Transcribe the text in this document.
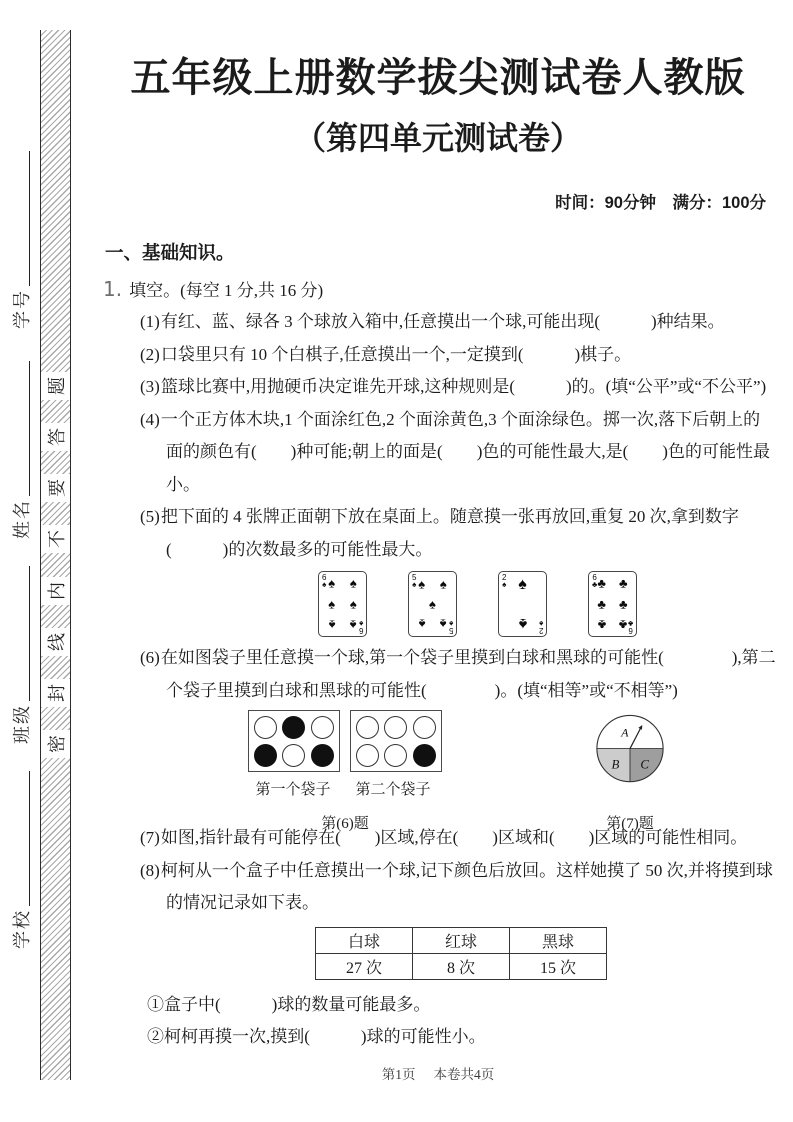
题
答
要
不
内
线
封
密
学号
姓名
班级
学校
五年级上册数学拔尖测试卷人教版
（第四单元测试卷）
时间：90分钟　满分：100分
一、基础知识。
1. 填空。(每空 1 分,共 16 分)
(1)有红、蓝、绿各 3 个球放入箱中,任意摸出一个球,可能出现(　　　)种结果。
(2)口袋里只有 10 个白棋子,任意摸出一个,一定摸到(　　　)棋子。
(3)篮球比赛中,用抛硬币决定谁先开球,这种规则是(　　　)的。(填“公平”或“不公平”)
(4)一个正方体木块,1 个面涂红色,2 个面涂黄色,3 个面涂绿色。掷一次,落下后朝上的面的颜色有(　　)种可能;朝上的面是(　　)色的可能性最大,是(　　)色的可能性最小。
(5)把下面的 4 张牌正面朝下放在桌面上。随意摸一张再放回,重复 20 次,拿到数字(　　　)的次数最多的可能性最大。
♠ ♠
♠ ♠
♠ ♠
6
♠
6
♠
♠ ♠
♠
♠ ♠
5
♠
5
♠
♠
♠
2
♠
2
♠
♣ ♣
♣ ♣
♣ ♣
6
♣
6
♣
(6)在如图袋子里任意摸一个球,第一个袋子里摸到白球和黑球的可能性(　　　　),第二个袋子里摸到白球和黑球的可能性(　　　　)。(填“相等”或“不相等”)
第一个袋子	第二个袋子
第(6)题
A
B C
第(7)题
(7)如图,指针最有可能停在(　　)区域,停在(　　)区域和(　　)区域的可能性相同。
(8)柯柯从一个盒子中任意摸出一个球,记下颜色后放回。这样她摸了 50 次,并将摸到球的情况记录如下表。
白球	红球	黑球
27 次	8 次	15 次
①盒子中(　　　)球的数量可能最多。
②柯柯再摸一次,摸到(　　　)球的可能性小。
第1页 本卷共4页
